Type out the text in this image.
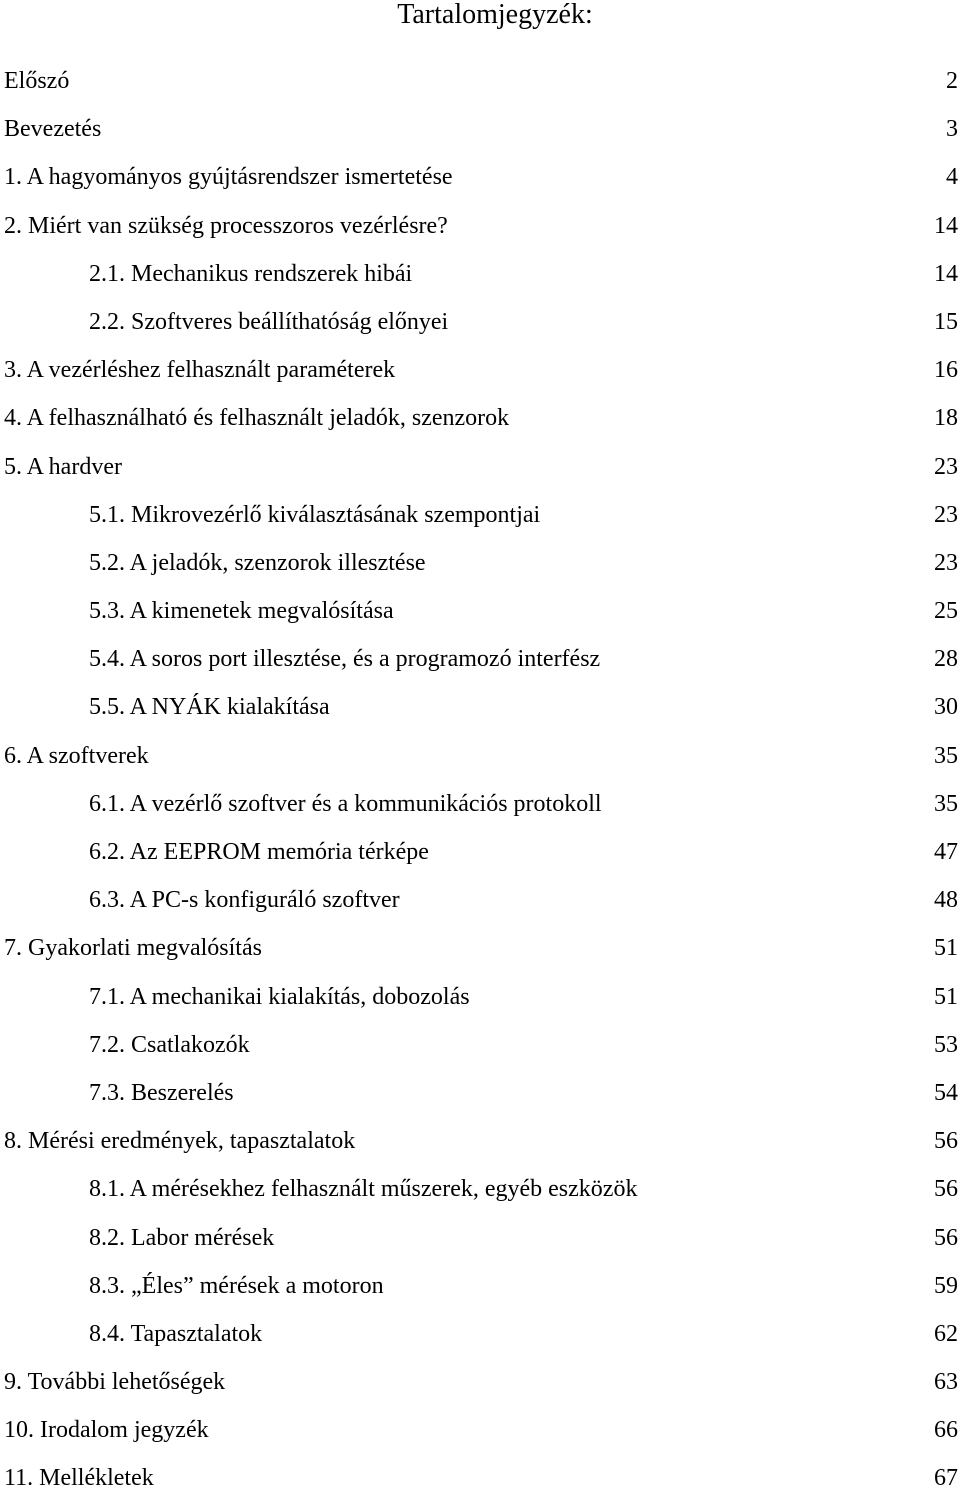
Tartalomjegyzék:
Előszó	2
Bevezetés	3
1. A hagyományos gyújtásrendszer ismertetése	4
2. Miért van szükség processzoros vezérlésre?	14
2.1. Mechanikus rendszerek hibái	14
2.2. Szoftveres beállíthatóság előnyei	15
3. A vezérléshez felhasznált paraméterek	16
4. A felhasználható és felhasznált jeladók, szenzorok	18
5. A hardver	23
5.1. Mikrovezérlő kiválasztásának szempontjai	23
5.2. A jeladók, szenzorok illesztése	23
5.3. A kimenetek megvalósítása	25
5.4. A soros port illesztése, és a programozó interfész	28
5.5. A NYÁK kialakítása	30
6. A szoftverek	35
6.1. A vezérlő szoftver és a kommunikációs protokoll	35
6.2. Az EEPROM memória térképe	47
6.3. A PC-s konfiguráló szoftver	48
7. Gyakorlati megvalósítás	51
7.1. A mechanikai kialakítás, dobozolás	51
7.2. Csatlakozók	53
7.3. Beszerelés	54
8. Mérési eredmények, tapasztalatok	56
8.1. A mérésekhez felhasznált műszerek, egyéb eszközök	56
8.2. Labor mérések	56
8.3. „Éles” mérések a motoron	59
8.4. Tapasztalatok	62
9. További lehetőségek	63
10. Irodalom jegyzék	66
11. Mellékletek	67
